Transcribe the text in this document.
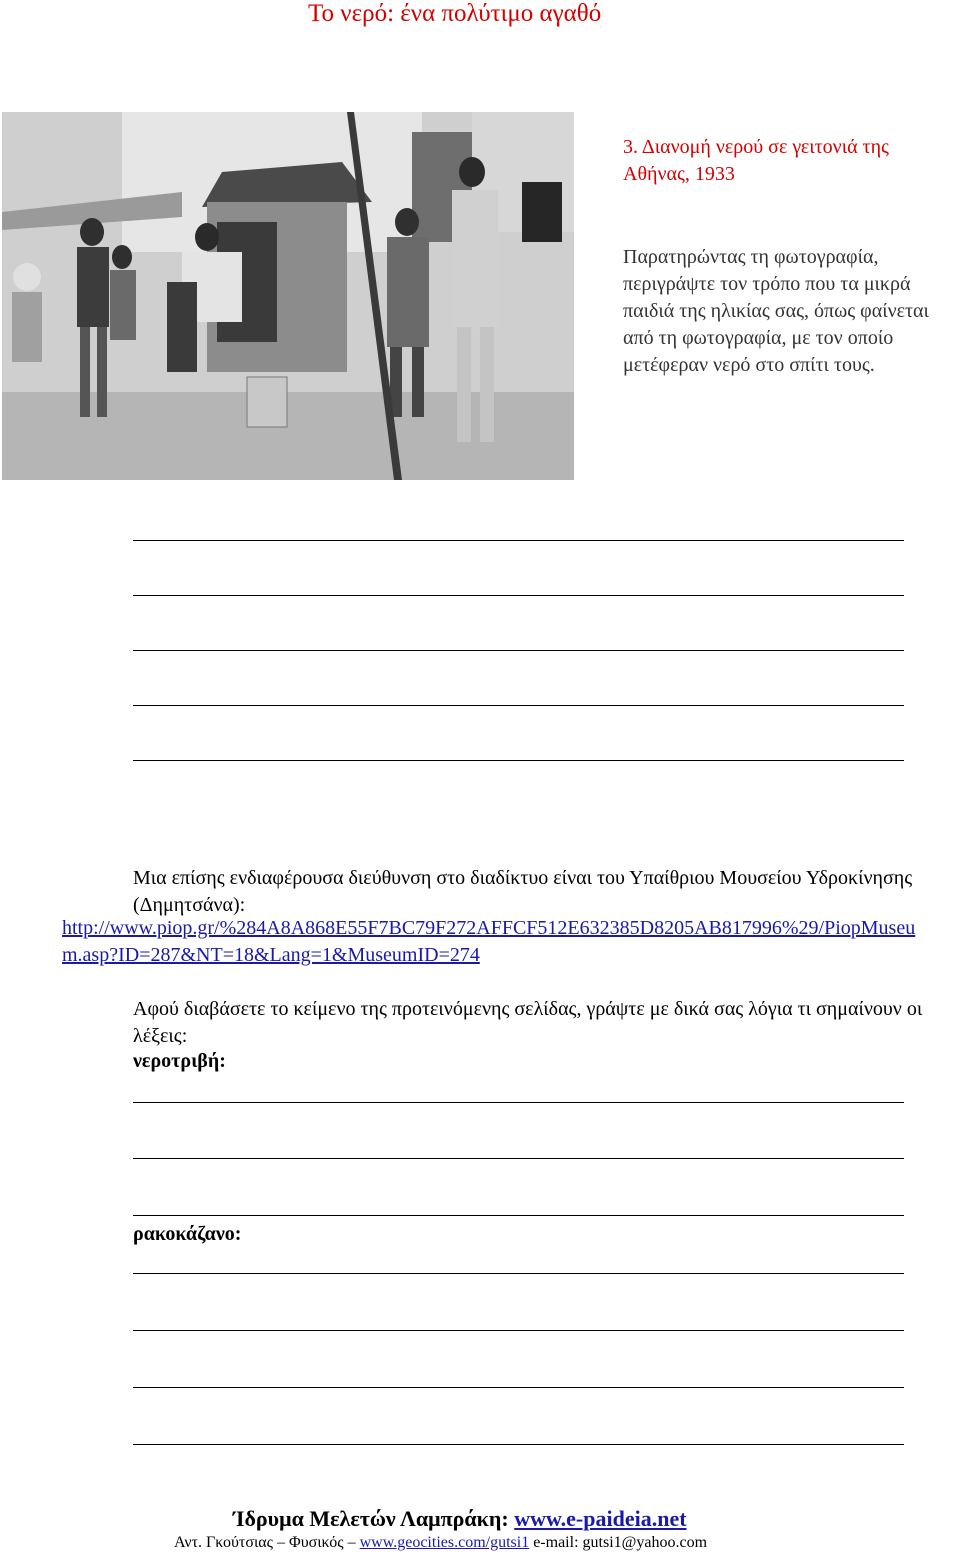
Το νερό: ένα πολύτιμο αγαθό
3. Διανομή νερού σε γειτονιά της Αθήνας, 1933
Παρατηρώντας τη φωτογραφία, περιγράψτε τον τρόπο που τα μικρά παιδιά της ηλικίας σας, όπως φαίνεται από τη φωτογραφία, με τον οποίο μετέφεραν νερό στο σπίτι τους.
Μια επίσης ενδιαφέρουσα διεύθυνση στο διαδίκτυο είναι του Υπαίθριου Μουσείου Υδροκίνησης (Δημητσάνα):
http://www.piop.gr/%284A8A868E55F7BC79F272AFFCF512E632385D8205AB817996%29/PiopMuseum.asp?ID=287&NT=18&Lang=1&MuseumID=274
Αφού διαβάσετε το κείμενο της προτεινόμενης σελίδας, γράψτε με δικά σας λόγια τι σημαίνουν οι λέξεις:
νεροτριβή:
ρακοκάζανο:
Ίδρυμα Μελετών Λαμπράκη: www.e-paideia.net
Αντ. Γκούτσιας – Φυσικός – www.geocities.com/gutsi1 e-mail: gutsi1@yahoo.com
